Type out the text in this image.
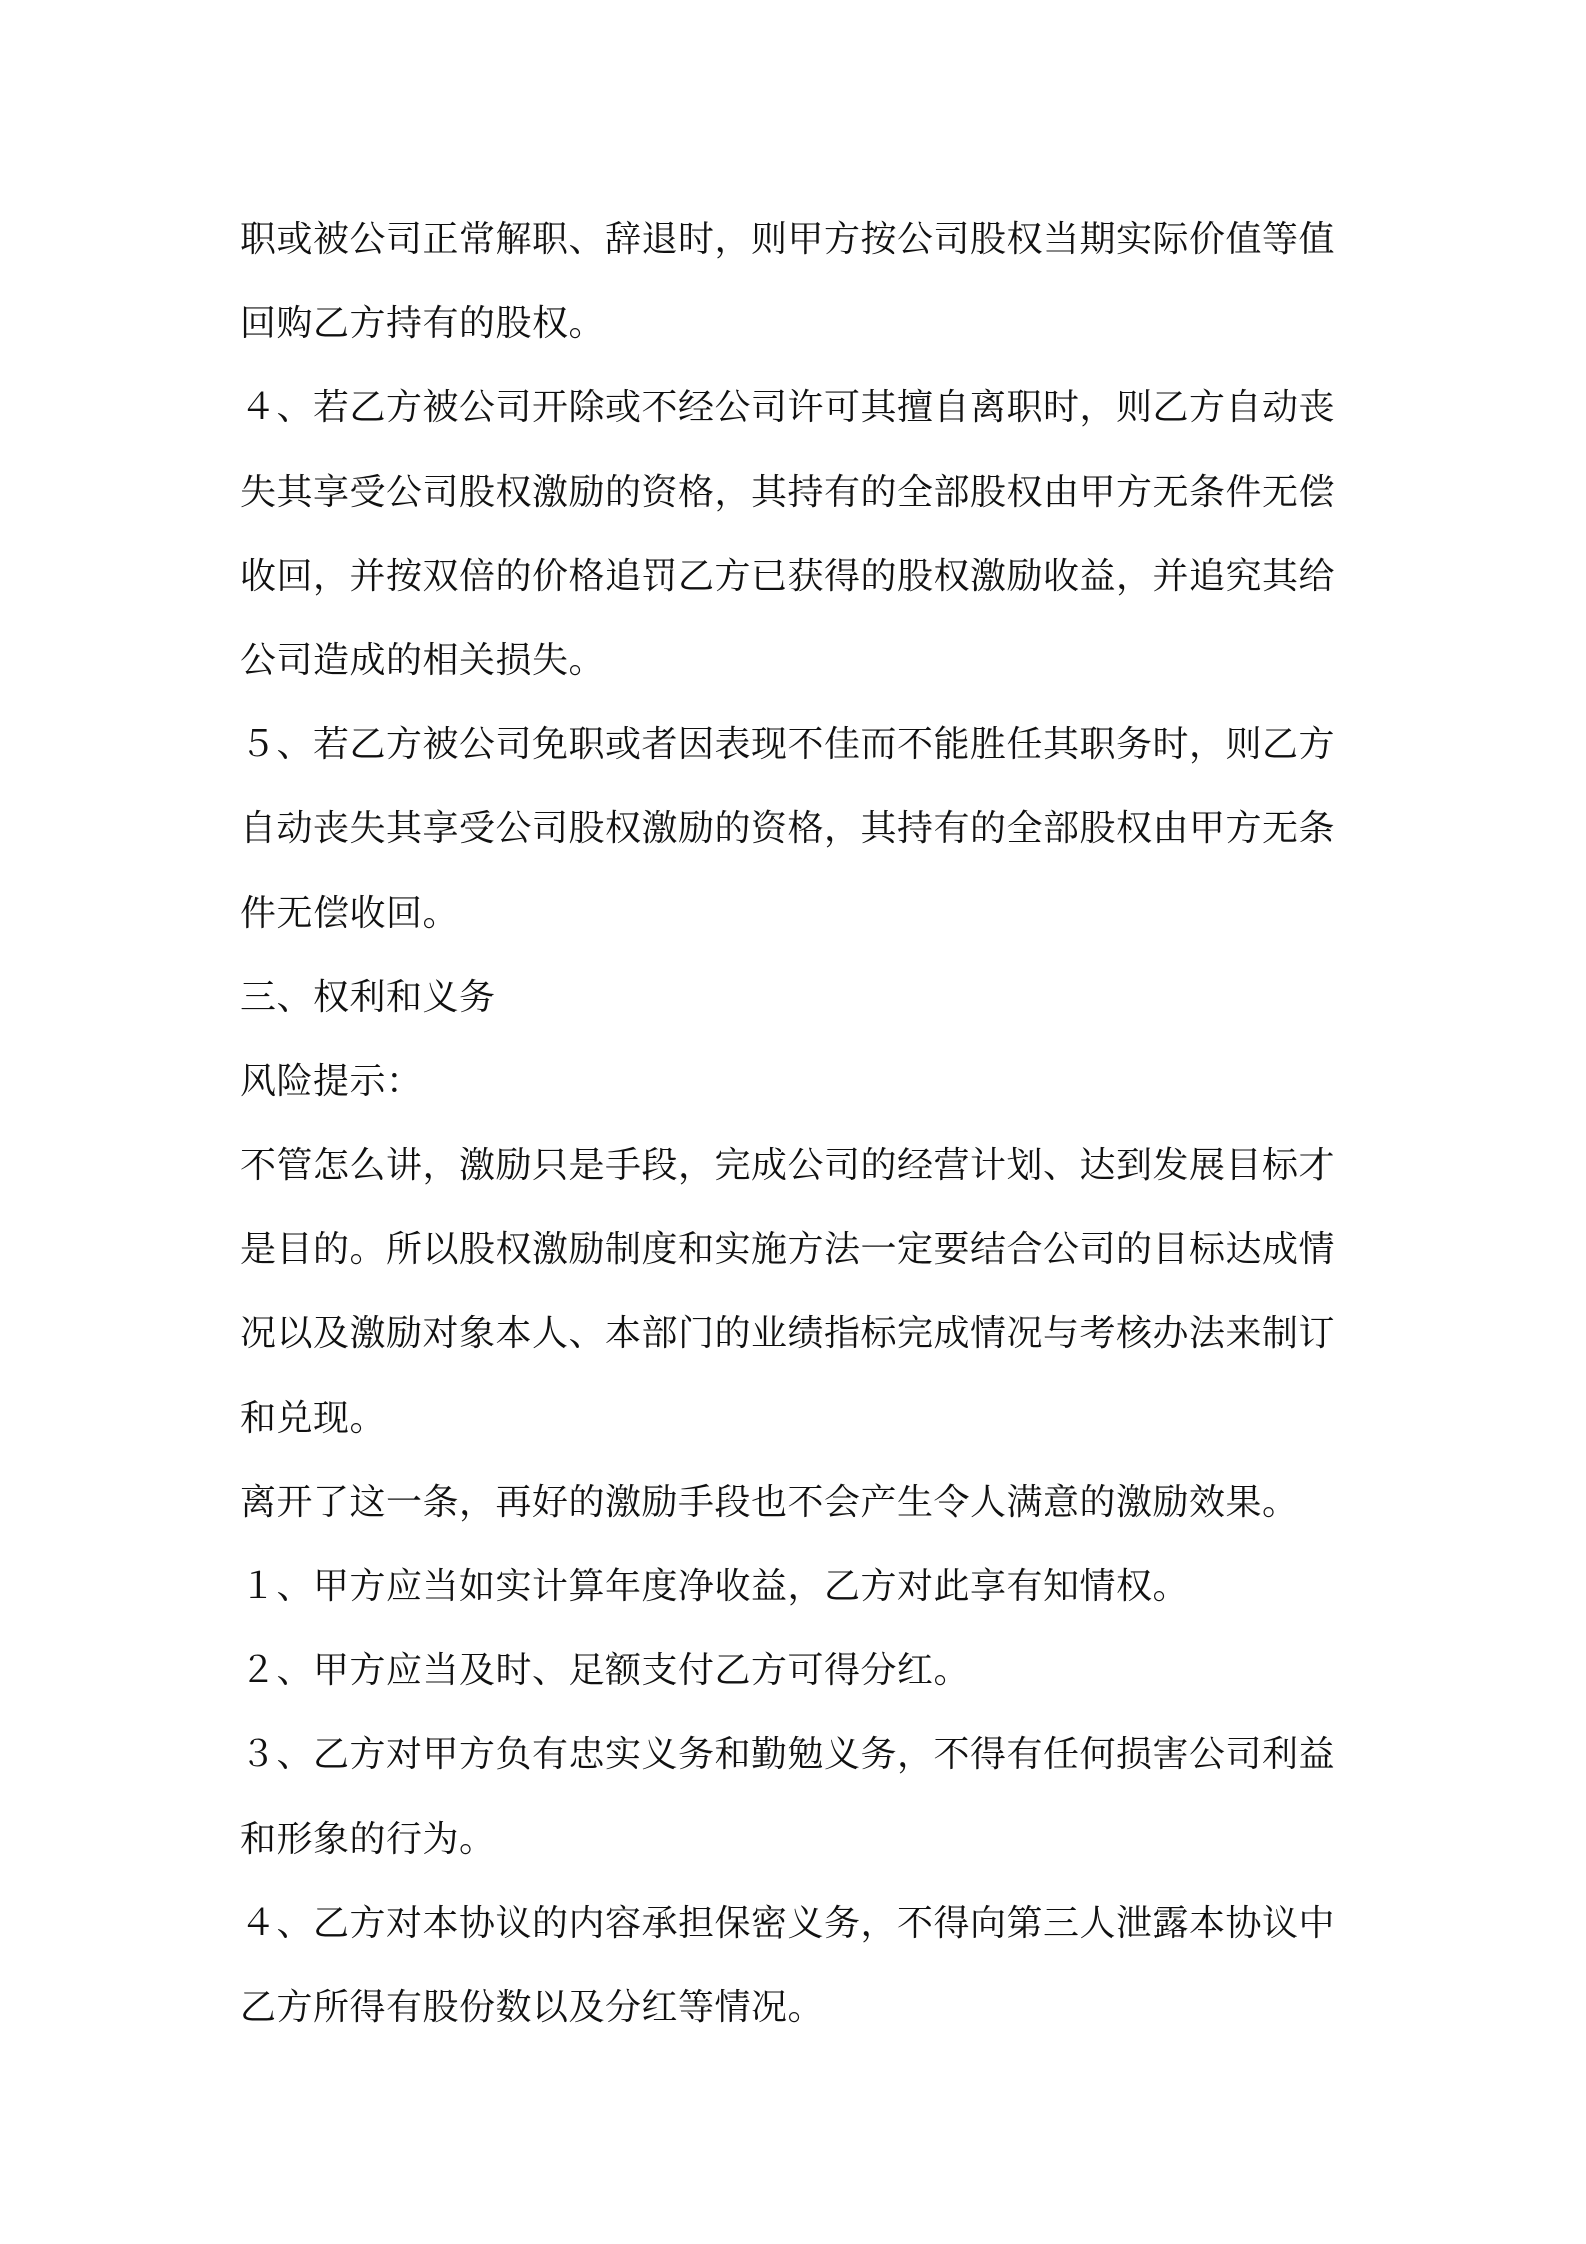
职或被公司正常解职、辞退时，则甲方按公司股权当期实际价值等值
回购乙方持有的股权。
４、若乙方被公司开除或不经公司许可其擅自离职时，则乙方自动丧
失其享受公司股权激励的资格，其持有的全部股权由甲方无条件无偿
收回，并按双倍的价格追罚乙方已获得的股权激励收益，并追究其给
公司造成的相关损失。
５、若乙方被公司免职或者因表现不佳而不能胜任其职务时，则乙方
自动丧失其享受公司股权激励的资格，其持有的全部股权由甲方无条
件无偿收回。
三、权利和义务
风险提示：
不管怎么讲，激励只是手段，完成公司的经营计划、达到发展目标才
是目的。所以股权激励制度和实施方法一定要结合公司的目标达成情
况以及激励对象本人、本部门的业绩指标完成情况与考核办法来制订
和兑现。
离开了这一条，再好的激励手段也不会产生令人满意的激励效果。
１、甲方应当如实计算年度净收益，乙方对此享有知情权。
２、甲方应当及时、足额支付乙方可得分红。
３、乙方对甲方负有忠实义务和勤勉义务，不得有任何损害公司利益
和形象的行为。
４、乙方对本协议的内容承担保密义务，不得向第三人泄露本协议中
乙方所得有股份数以及分红等情况。
